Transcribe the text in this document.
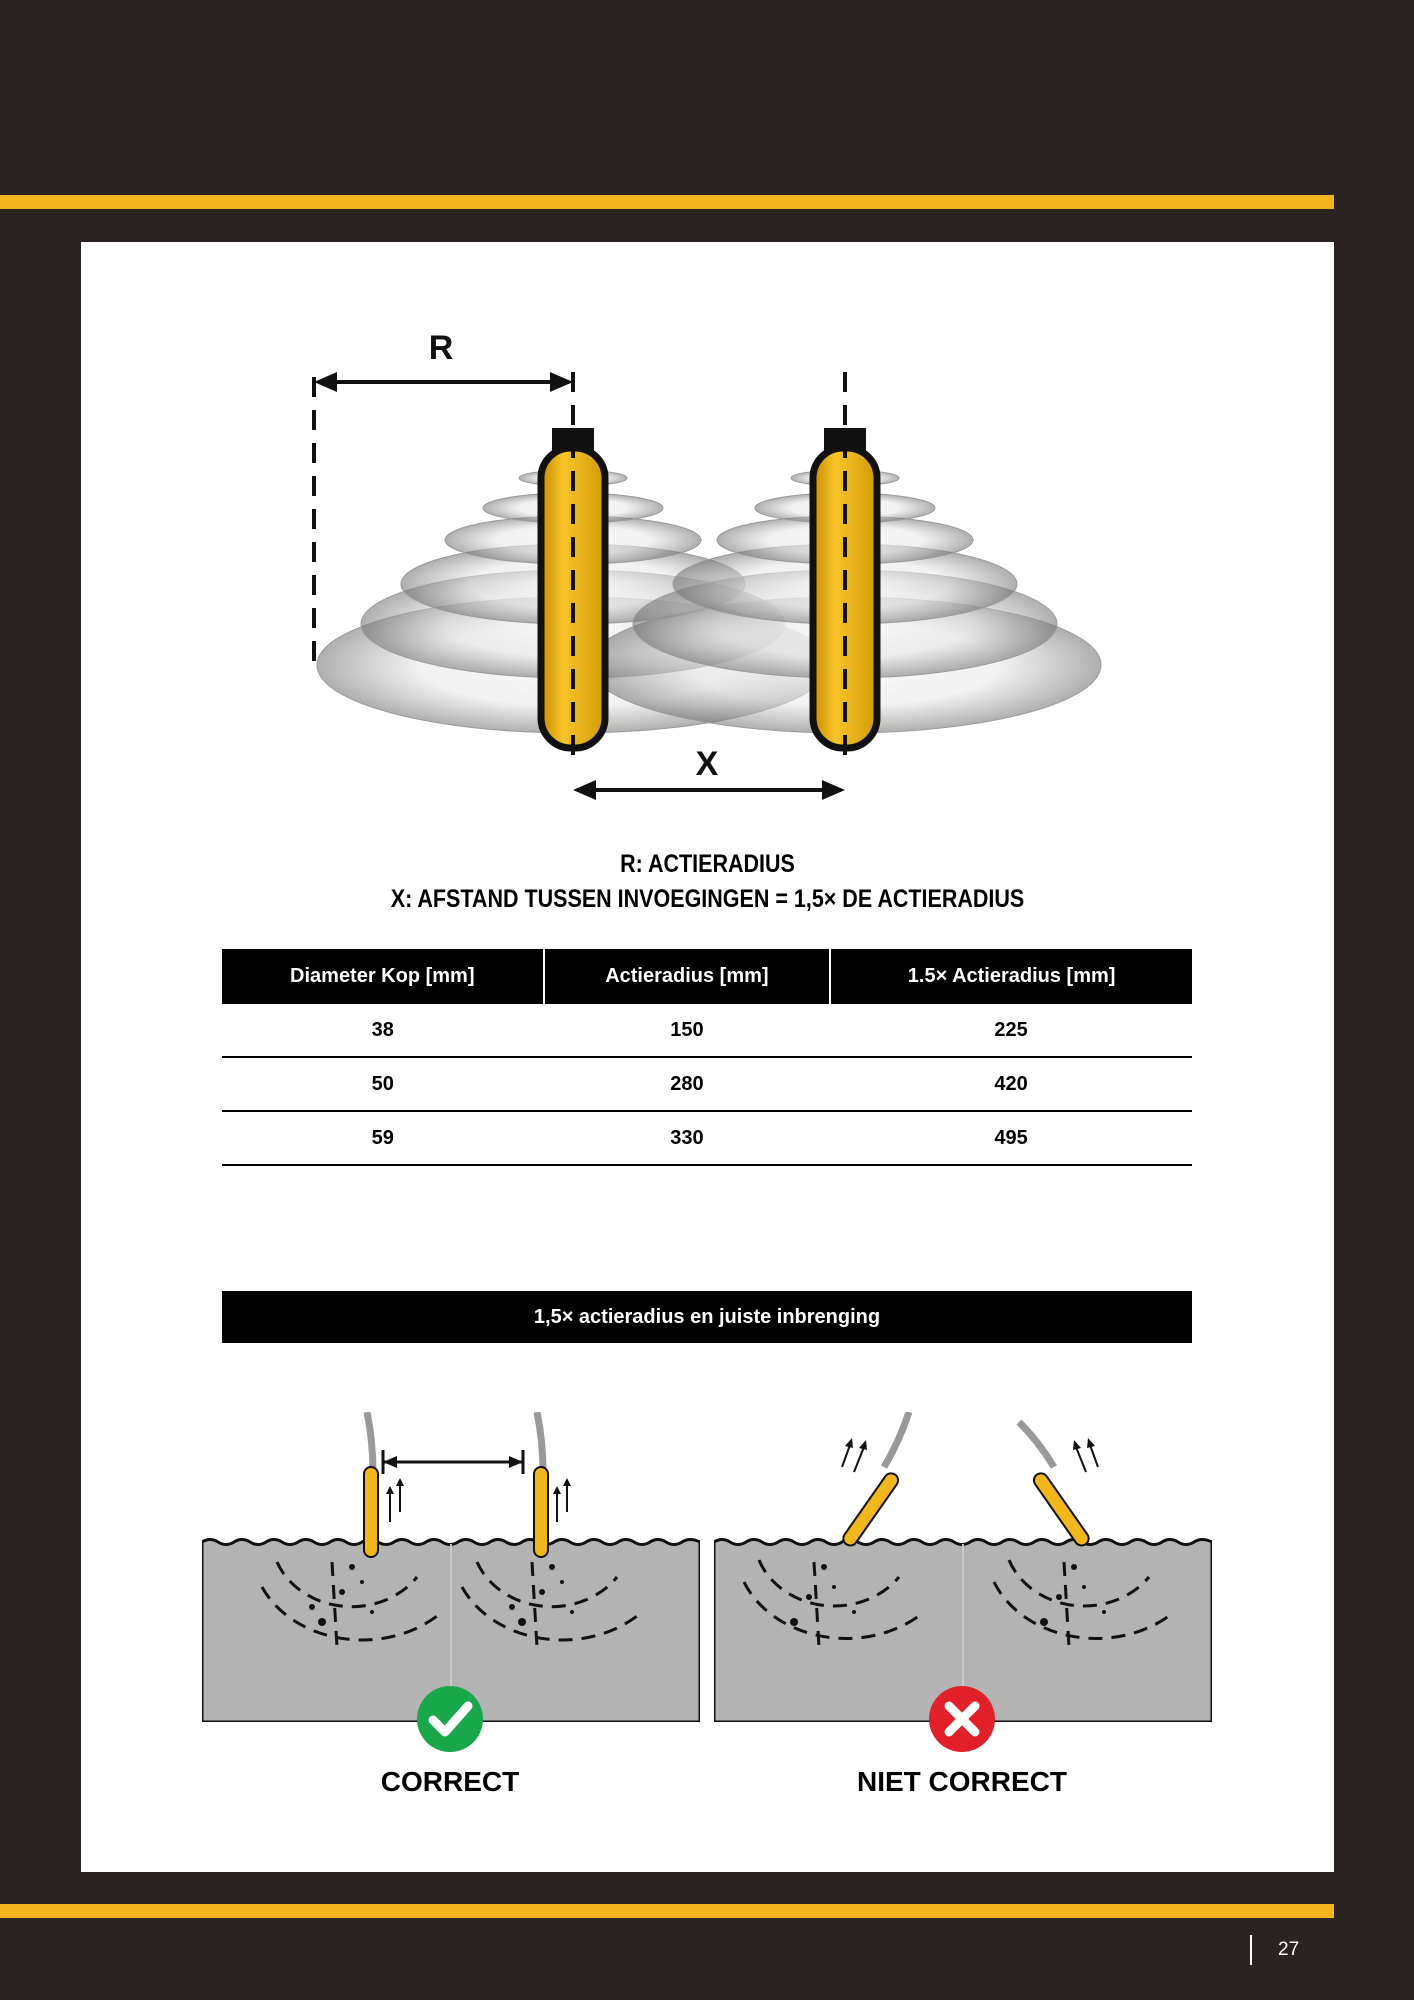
R
X
R: ACTIERADIUS
X: AFSTAND TUSSEN INVOEGINGEN = 1,5× DE ACTIERADIUS
Diameter Kop [mm]	Actieradius [mm]	1.5× Actieradius [mm]
38	150	225
50	280	420
59	330	495
1,5× actieradius en juiste inbrenging
CORRECT	NIET CORRECT
27
